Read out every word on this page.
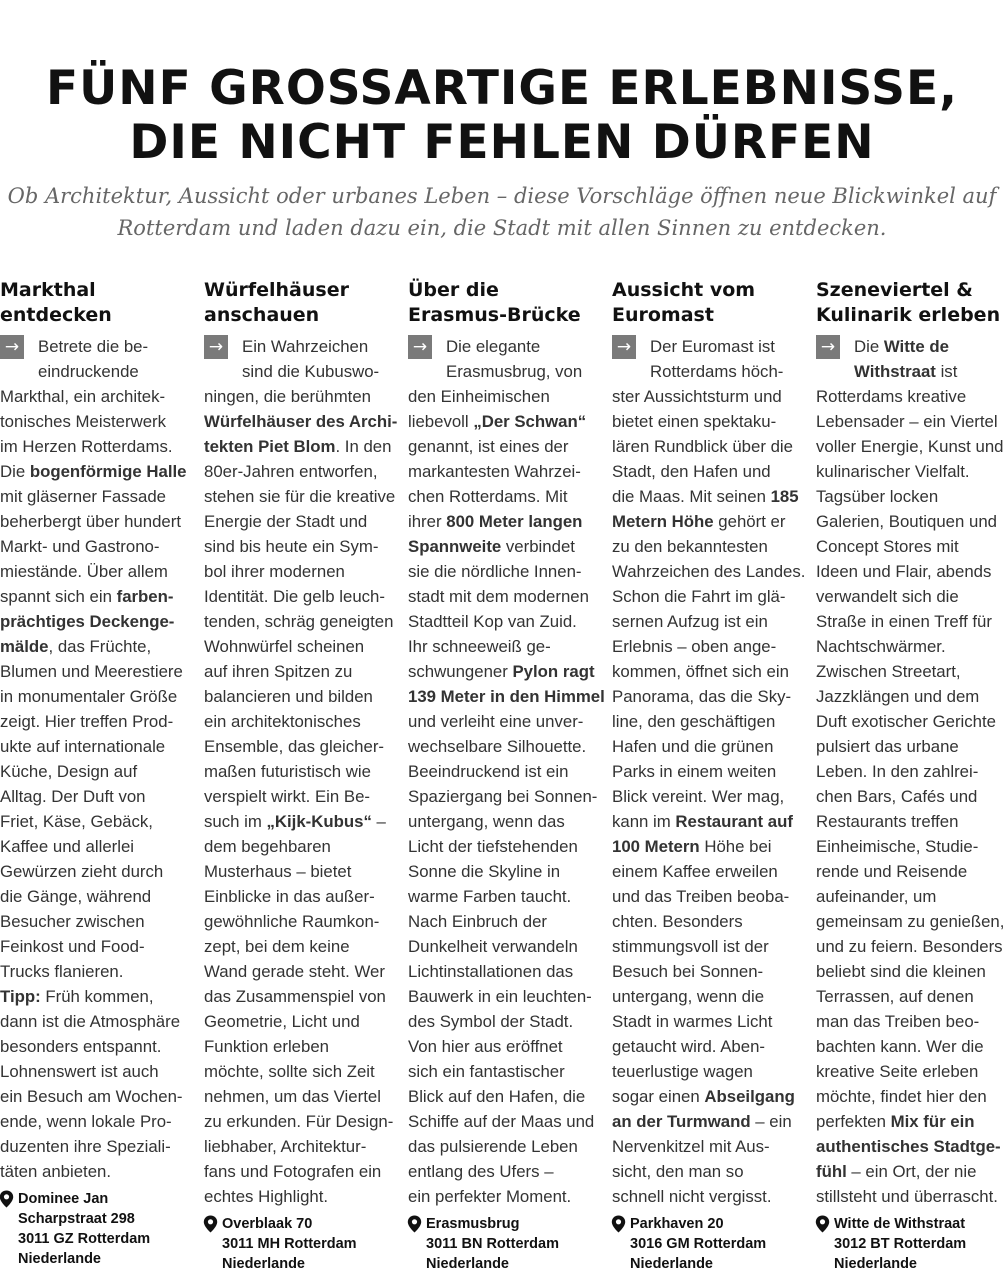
FÜNF GROSSARTIGE ERLEBNISSE,
DIE NICHT FEHLEN DÜRFEN
Ob Architektur, Aussicht oder urbanes Leben – diese Vorschläge öffnen neue Blickwinkel auf
Rotterdam und laden dazu ein, die Stadt mit allen Sinnen zu entdecken.
Markthal
entdecken
→	Betrete die be-
eindruckende
Markthal, ein architek-
tonisches Meisterwerk
im Herzen Rotterdams.
Die bogenförmige Halle
mit gläserner Fassade
beherbergt über hundert
Markt- und Gastrono-
miestände. Über allem
spannt sich ein farben-
prächtiges Deckenge-
mälde, das Früchte,
Blumen und Meerestiere
in monumentaler Größe
zeigt. Hier treffen Prod-
ukte auf internationale
Küche, Design auf
Alltag. Der Duft von
Friet, Käse, Gebäck,
Kaffee und allerlei
Gewürzen zieht durch
die Gänge, während
Besucher zwischen
Feinkost und Food-
Trucks flanieren.
Tipp: Früh kommen,
dann ist die Atmosphäre
besonders entspannt.
Lohnenswert ist auch
ein Besuch am Wochen-
ende, wenn lokale Pro-
duzenten ihre Speziali-
täten anbieten.
Würfelhäuser
anschauen
→	Ein Wahrzeichen
sind die Kubuswo-
ningen, die berühmten
Würfelhäuser des Archi-
tekten Piet Blom. In den
80er-Jahren entworfen,
stehen sie für die kreative
Energie der Stadt und
sind bis heute ein Sym-
bol ihrer modernen
Identität. Die gelb leuch-
tenden, schräg geneigten
Wohnwürfel scheinen
auf ihren Spitzen zu
balancieren und bilden
ein architektonisches
Ensemble, das gleicher-
maßen futuristisch wie
verspielt wirkt. Ein Be-
such im „Kijk-Kubus“ –
dem begehbaren
Musterhaus – bietet
Einblicke in das außer-
gewöhnliche Raumkon-
zept, bei dem keine
Wand gerade steht. Wer
das Zusammenspiel von
Geometrie, Licht und
Funktion erleben
möchte, sollte sich Zeit
nehmen, um das Viertel
zu erkunden. Für Design-
liebhaber, Architektur-
fans und Fotografen ein
echtes Highlight.
Über die
Erasmus-Brücke
→	Die elegante
Erasmusbrug, von
den Einheimischen
liebevoll „Der Schwan“
genannt, ist eines der
markantesten Wahrzei-
chen Rotterdams. Mit
ihrer 800 Meter langen
Spannweite verbindet
sie die nördliche Innen-
stadt mit dem modernen
Stadtteil Kop van Zuid.
Ihr schneeweiß ge-
schwungener Pylon ragt
139 Meter in den Himmel
und verleiht eine unver-
wechselbare Silhouette.
Beeindruckend ist ein
Spaziergang bei Sonnen-
untergang, wenn das
Licht der tiefstehenden
Sonne die Skyline in
warme Farben taucht.
Nach Einbruch der
Dunkelheit verwandeln
Lichtinstallationen das
Bauwerk in ein leuchten-
des Symbol der Stadt.
Von hier aus eröffnet
sich ein fantastischer
Blick auf den Hafen, die
Schiffe auf der Maas und
das pulsierende Leben
entlang des Ufers –
ein perfekter Moment.
Aussicht vom
Euromast
→	Der Euromast ist
Rotterdams höch-
ster Aussichtsturm und
bietet einen spektaku-
lären Rundblick über die
Stadt, den Hafen und
die Maas. Mit seinen 185
Metern Höhe gehört er
zu den bekanntesten
Wahrzeichen des Landes.
Schon die Fahrt im glä-
sernen Aufzug ist ein
Erlebnis – oben ange-
kommen, öffnet sich ein
Panorama, das die Sky-
line, den geschäftigen
Hafen und die grünen
Parks in einem weiten
Blick vereint. Wer mag,
kann im Restaurant auf
100 Metern Höhe bei
einem Kaffee erweilen
und das Treiben beoba-
chten. Besonders
stimmungsvoll ist der
Besuch bei Sonnen-
untergang, wenn die
Stadt in warmes Licht
getaucht wird. Aben-
teuerlustige wagen
sogar einen Abseilgang
an der Turmwand – ein
Nervenkitzel mit Aus-
sicht, den man so
schnell nicht vergisst.
Szeneviertel &
Kulinarik erleben
→	Die Witte de
Withstraat ist
Rotterdams kreative
Lebensader – ein Viertel
voller Energie, Kunst und
kulinarischer Vielfalt.
Tagsüber locken
Galerien, Boutiquen und
Concept Stores mit
Ideen und Flair, abends
verwandelt sich die
Straße in einen Treff für
Nachtschwärmer.
Zwischen Streetart,
Jazzklängen und dem
Duft exotischer Gerichte
pulsiert das urbane
Leben. In den zahlrei-
chen Bars, Cafés und
Restaurants treffen
Einheimische, Studie-
rende und Reisende
aufeinander, um
gemeinsam zu genießen,
und zu feiern. Besonders
beliebt sind die kleinen
Terrassen, auf denen
man das Treiben beo-
bachten kann. Wer die
kreative Seite erleben
möchte, findet hier den
perfekten Mix für ein
authentisches Stadtge-
fühl – ein Ort, der nie
stillsteht und überrascht.
Dominee Jan
Scharpstraat 298
3011 GZ Rotterdam
Niederlande
Overblaak 70
3011 MH Rotterdam
Niederlande
Erasmusbrug
3011 BN Rotterdam
Niederlande
Parkhaven 20
3016 GM Rotterdam
Niederlande
Witte de Withstraat
3012 BT Rotterdam
Niederlande
